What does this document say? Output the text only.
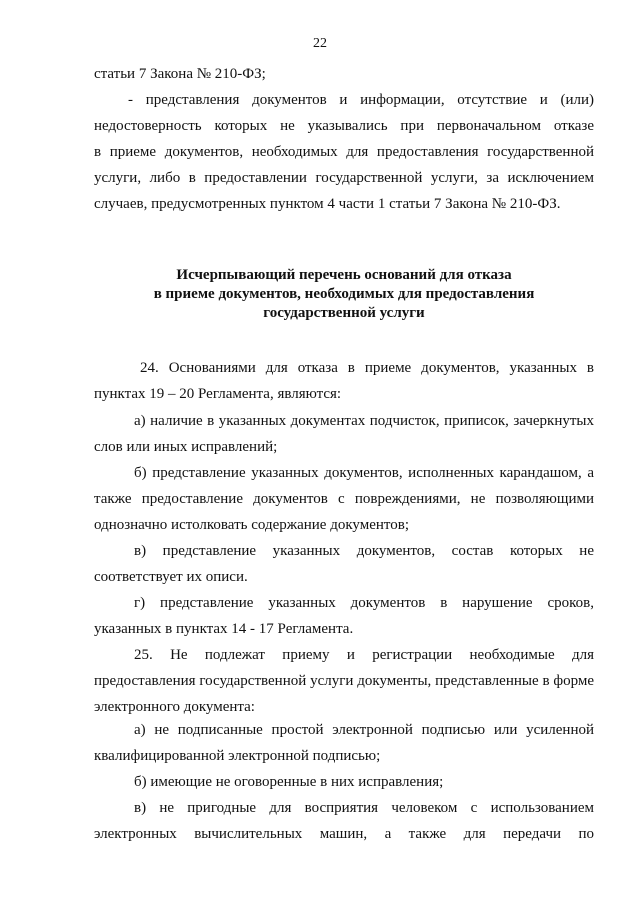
22
статьи 7 Закона № 210-ФЗ;
- представления документов и информации, отсутствие и (или)
недостоверность которых не указывались при первоначальном отказе
в приеме документов, необходимых для предоставления государственной
услуги, либо в предоставлении государственной услуги, за исключением
случаев, предусмотренных пунктом 4 части 1 статьи 7 Закона № 210-ФЗ.
Исчерпывающий перечень оснований для отказа
в приеме документов, необходимых для предоставления
государственной услуги
24. Основаниями для отказа в приеме документов, указанных в
пунктах 19 – 20 Регламента, являются:
а) наличие в указанных документах подчисток, приписок, зачеркнутых
слов или иных исправлений;
б) представление указанных документов, исполненных карандашом, а
также предоставление документов с повреждениями, не позволяющими
однозначно истолковать содержание документов;
в) представление указанных документов, состав которых не
соответствует их описи.
г) представление указанных документов в нарушение сроков,
указанных в пунктах 14 - 17 Регламента.
25. Не подлежат приему и регистрации необходимые для
предоставления государственной услуги документы, представленные в форме
электронного документа:
а) не подписанные простой электронной подписью или усиленной
квалифицированной электронной подписью;
б) имеющие не оговоренные в них исправления;
в) не пригодные для восприятия человеком с использованием
электронных вычислительных машин, а также для передачи по
